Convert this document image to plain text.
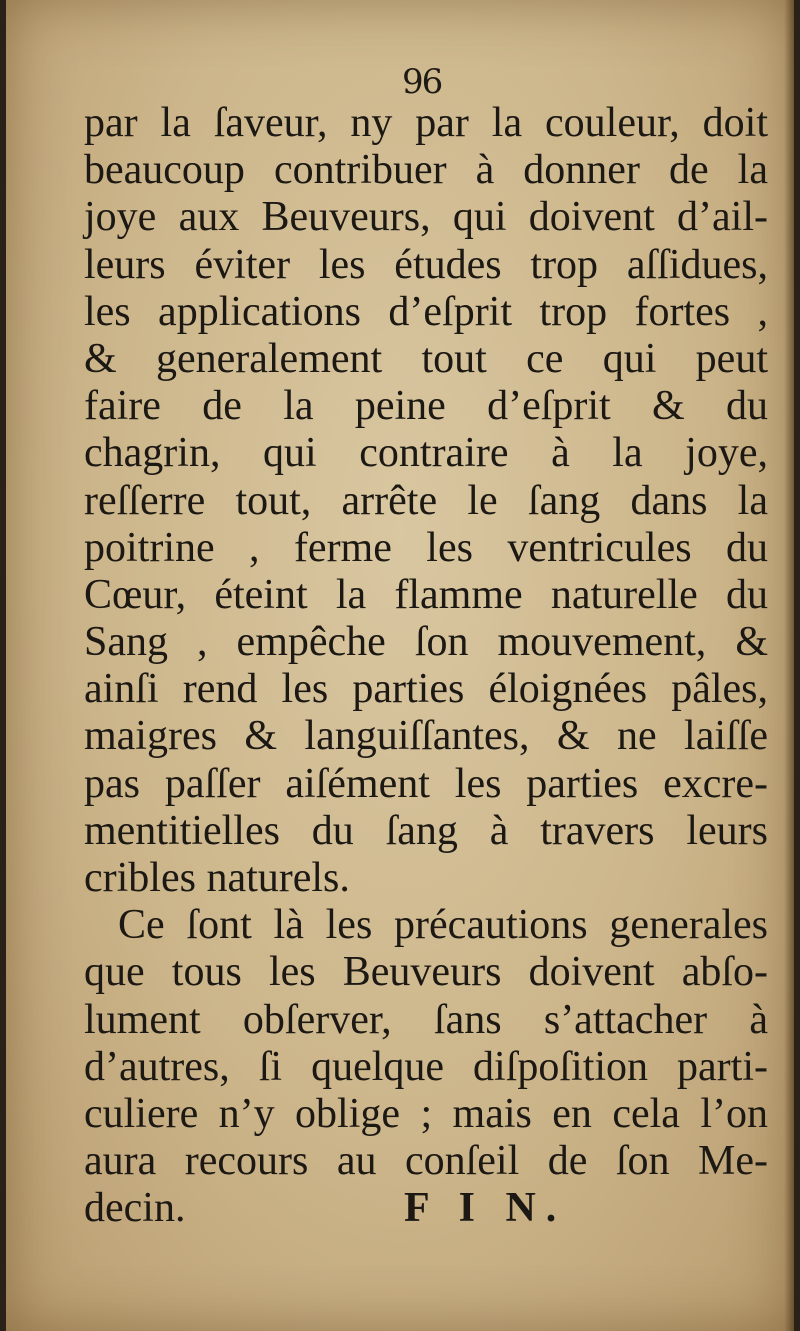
96
par la ſaveur, ny par la couleur, doit
beaucoup contribuer à donner de la
joye aux Beuveurs, qui doivent d’ail-
leurs éviter les études trop aſſidues,
les applications d’eſprit trop fortes ,
& generalement tout ce qui peut
faire de la peine d’eſprit & du
chagrin, qui contraire à la joye,
reſſerre tout, arrête le ſang dans la
poitrine , ferme les ventricules du
Cœur, éteint la flamme naturelle du
Sang , empêche ſon mouvement, &
ainſi rend les parties éloignées pâles,
maigres & languiſſantes, & ne laiſſe
pas paſſer aiſément les parties excre-
mentitielles du ſang à travers leurs
cribles naturels.
Ce ſont là les précautions generales
que tous les Beuveurs doivent abſo-
lument obſerver, ſans s’attacher à
d’autres, ſi quelque diſpoſition parti-
culiere n’y oblige ; mais en cela l’on
aura recours au conſeil de ſon Me-
decin.	F I N.
